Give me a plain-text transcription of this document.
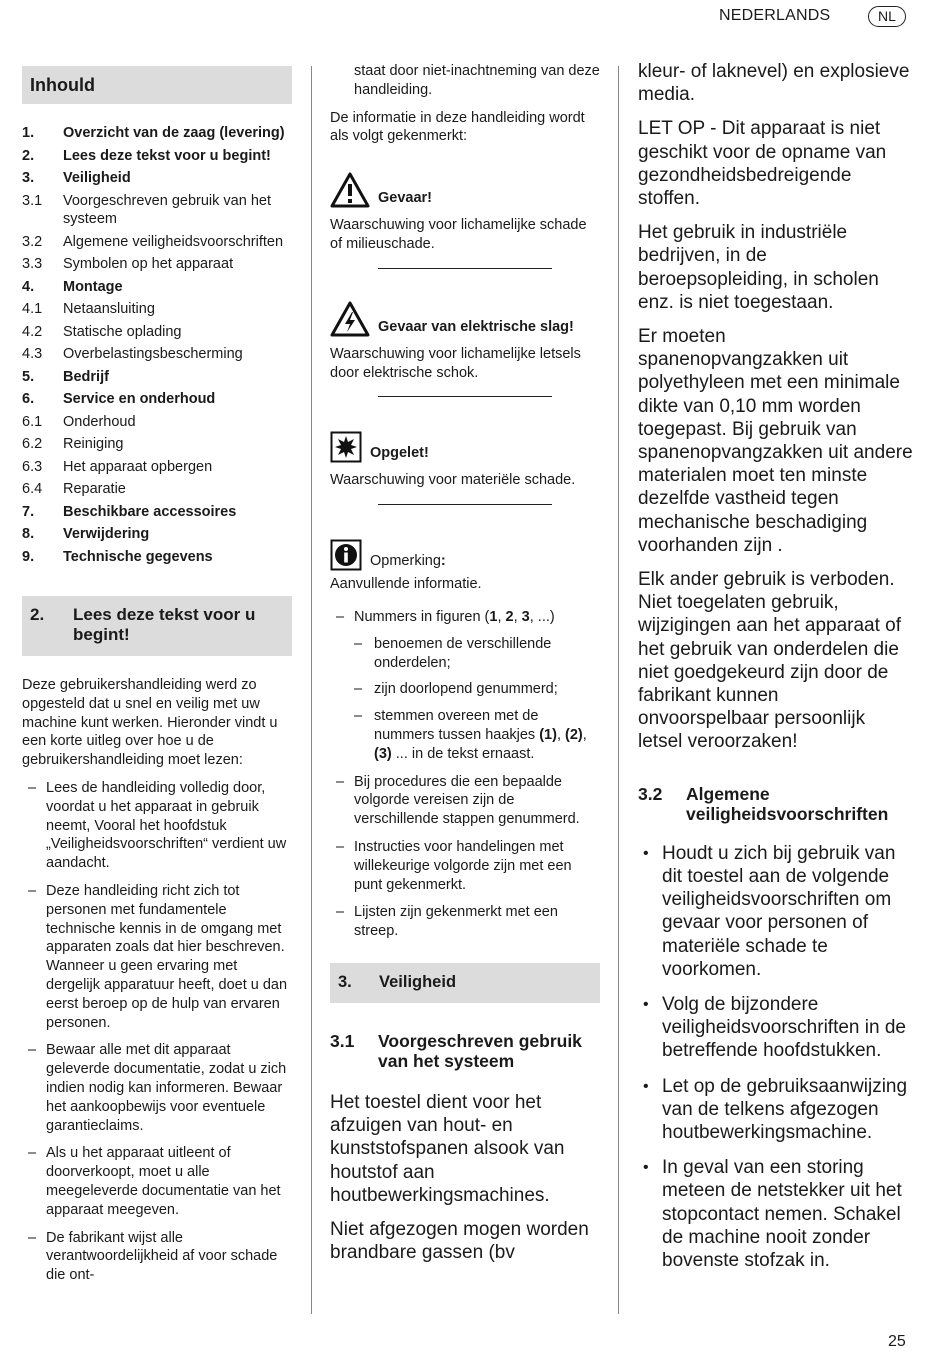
NEDERLANDS	NL
Inhould
1.	Overzicht van de zaag (levering)
2.	Lees deze tekst voor u begint!
3.	Veiligheid
3.1	Voorgeschreven gebruik van het systeem
3.2	Algemene veiligheidsvoorschriften
3.3	Symbolen op het apparaat
4.	Montage
4.1	Netaansluiting
4.2	Statische oplading
4.3	Overbelastingsbescherming
5.	Bedrijf
6.	Service en onderhoud
6.1	Onderhoud
6.2	Reiniging
6.3	Het apparaat opbergen
6.4	Reparatie
7.	Beschikbare accessoires
8.	Verwijdering
9.	Technische gegevens
2.	Lees deze tekst voor u begint!

Deze gebruikershandleiding werd zo opgesteld dat u snel en veilig met uw machine kunt werken. Hieronder vindt u een korte uitleg over hoe u de gebruikershandleiding moet lezen:

– Lees de handleiding volledig door, voordat u het apparaat in gebruik neemt, Vooral het hoofdstuk „Veiligheidsvoorschriften“ verdient uw aandacht.
– Deze handleiding richt zich tot personen met fundamentele technische kennis in de omgang met apparaten zoals dat hier beschreven. Wanneer u geen ervaring met dergelijk apparatuur heeft, doet u dan eerst beroep op de hulp van ervaren personen.
– Bewaar alle met dit apparaat geleverde documentatie, zodat u zich indien nodig kan informeren. Bewaar het aankoopbewijs voor eventuele garantieclaims.
– Als u het apparaat uitleent of doorverkoopt, moet u alle meegeleverde documentatie van het apparaat meegeven.
– De fabrikant wijst alle verantwoordelijkheid af voor schade die ont-

staat door niet-inachtneming van deze handleiding.

De informatie in deze handleiding wordt als volgt gekenmerkt:

Gevaar!

Waarschuwing voor lichamelijke schade of milieuschade.

Gevaar van elektrische slag!

Waarschuwing voor lichamelijke letsels door elektrische schok.

Opgelet!

Waarschuwing voor materiële schade.

Opmerking:

Aanvullende informatie.

– Nummers in figuren (1, 2, 3, ...)
– benoemen de verschillende onderdelen;
– zijn doorlopend genummerd;
– stemmen overeen met de nummers tussen haakjes (1), (2), (3) ... in de tekst ernaast.
– Bij procedures die een bepaalde volgorde vereisen zijn de verschillende stappen genummerd.
– Instructies voor handelingen met willekeurige volgorde zijn met een punt gekenmerkt.
– Lijsten zijn gekenmerkt met een streep.
3.	Veiligheid
3.1	Voorgeschreven gebruik van het systeem

Het toestel dient voor het afzuigen van hout- en kunststofspanen alsook van houtstof aan houtbewerkingsmachines.

Niet afgezogen mogen worden brandbare gassen (bv

kleur- of laknevel) en explosieve media.

LET OP - Dit apparaat is niet geschikt voor de opname van gezondheidsbedreigende stoffen.

Het gebruik in industriële bedrijven, in de beroepsopleiding, in scholen enz. is niet toegestaan.

Er moeten spanenopvangzakken uit polyethyleen met een minimale dikte van 0,10 mm worden toegepast. Bij gebruik van spanenopvangzakken uit andere materialen moet ten minste dezelfde vastheid tegen mechanische beschadiging voorhanden zijn .

Elk ander gebruik is verboden. Niet toegelaten gebruik, wijzigingen aan het apparaat of het gebruik van onderdelen die niet goedgekeurd zijn door de fabrikant kunnen onvoorspelbaar persoonlijk letsel veroorzaken!

3.2	Algemene veiligheidsvoorschriften
• Houdt u zich bij gebruik van dit toestel aan de volgende veiligheidsvoorschriften om gevaar voor personen of materiële schade te voorkomen.
• Volg de bijzondere veiligheidsvoorschriften in de betreffende hoofdstukken.
• Let op de gebruiksaanwijzing van de telkens afgezogen houtbewerkingsmachine.
• In geval van een storing meteen de netstekker uit het stopcontact nemen. Schakel de machine nooit zonder bovenste stofzak in.
25
